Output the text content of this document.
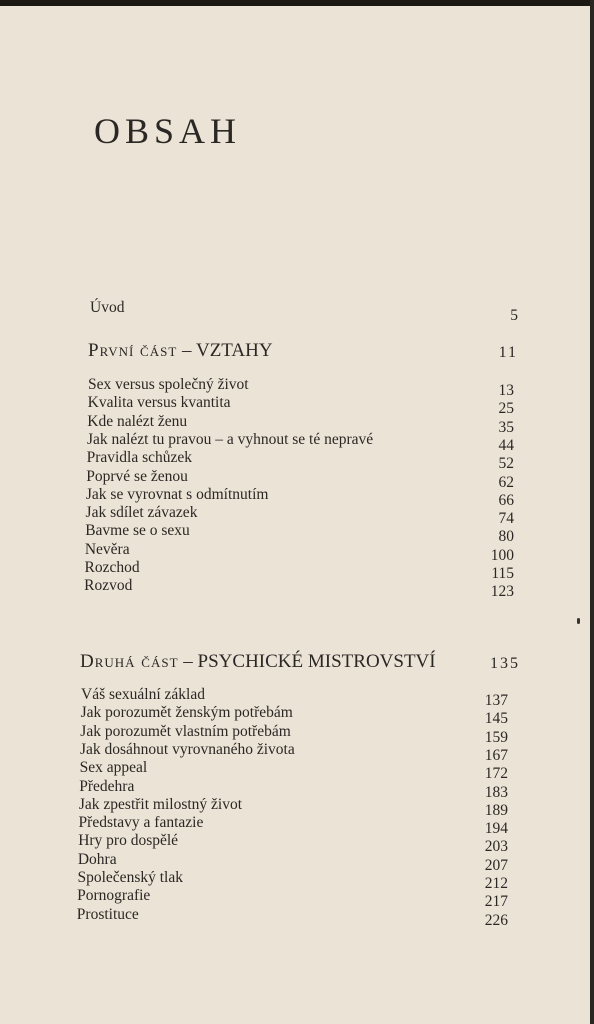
OBSAH
Úvod	5
První část – VZTAHY	11
Sex versus společný život	13
Kvalita versus kvantita	25
Kde nalézt ženu	35
Jak nalézt tu pravou – a vyhnout se té nepravé	44
Pravidla schůzek	52
Poprvé se ženou	62
Jak se vyrovnat s odmítnutím	66
Jak sdílet závazek	74
Bavme se o sexu	80
Nevěra	100
Rozchod	115
Rozvod	123
Druhá část – PSYCHICKÉ MISTROVSTVÍ	135
Váš sexuální základ	137
Jak porozumět ženským potřebám	145
Jak porozumět vlastním potřebám	159
Jak dosáhnout vyrovnaného života	167
Sex appeal	172
Předehra	183
Jak zpestřit milostný život	189
Představy a fantazie	194
Hry pro dospělé	203
Dohra	207
Společenský tlak	212
Pornografie	217
Prostituce	226
